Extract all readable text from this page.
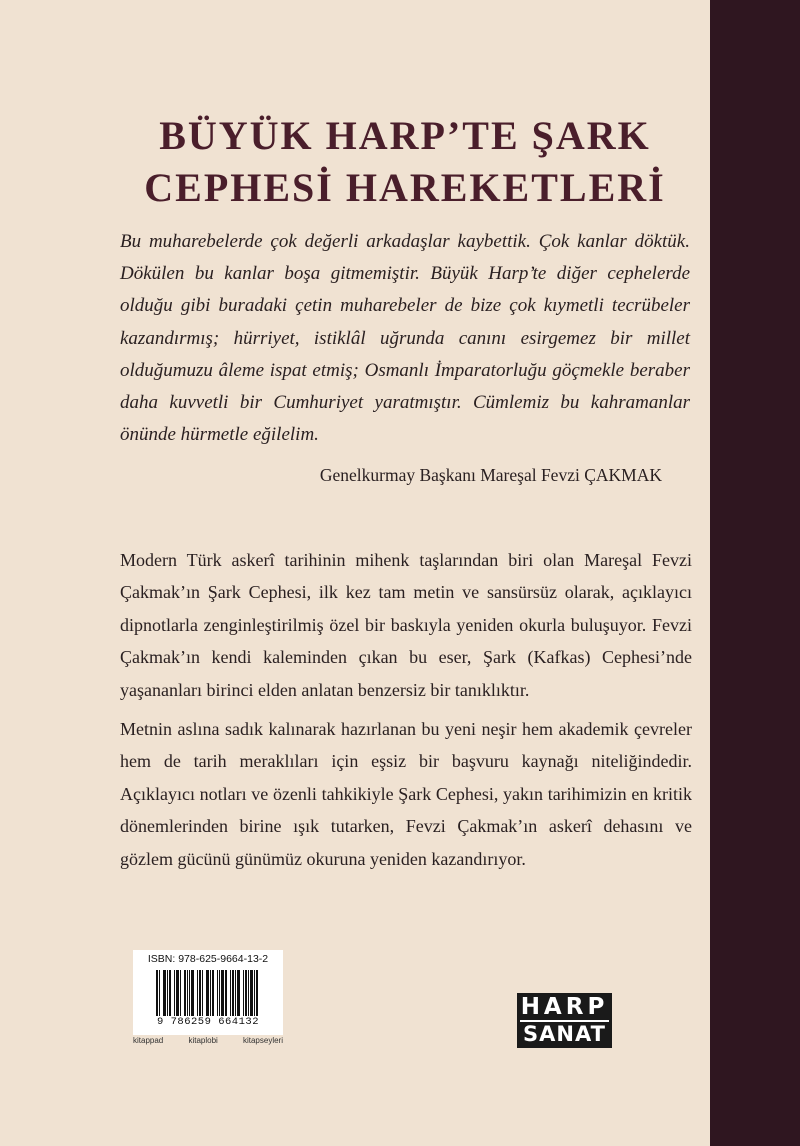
BÜYÜK HARP’TE ŞARK
CEPHESİ HAREKETLERİ

Bu muharebelerde çok değerli arkadaşlar kaybettik. Çok kanlar döktük. Dökülen bu kanlar boşa gitmemiştir. Büyük Harp’te diğer cephelerde olduğu gibi buradaki çetin muharebeler de bize çok kıymetli tecrübeler kazandırmış; hürriyet, istiklâl uğrunda canını esirgemez bir millet olduğumuzu âleme ispat etmiş; Osmanlı İmparatorluğu göçmekle beraber daha kuvvetli bir Cumhuriyet yaratmıştır. Cümlemiz bu kahramanlar önünde hürmetle eğilelim.

Genelkurmay Başkanı Mareşal Fevzi ÇAKMAK

Modern Türk askerî tarihinin mihenk taşlarından biri olan Mareşal Fevzi Çakmak’ın Şark Cephesi, ilk kez tam metin ve sansürsüz olarak, açıklayıcı dipnotlarla zenginleştirilmiş özel bir baskıyla yeniden okurla buluşuyor. Fevzi Çakmak’ın kendi kaleminden çıkan bu eser, Şark (Kafkas) Cephesi’nde yaşananları birinci elden anlatan benzersiz bir tanıklıktır.

Metnin aslına sadık kalınarak hazırlanan bu yeni neşir hem akademik çevreler hem de tarih meraklıları için eşsiz bir başvuru kaynağı niteliğindedir. Açıklayıcı notları ve özenli tahkikiyle Şark Cephesi, yakın tarihimizin en kritik dönemlerinden birine ışık tutarken, Fevzi Çakmak’ın askerî dehasını ve gözlem gücünü günümüz okuruna yeniden kazandırıyor.

ISBN: 978-625-9664-13-2
9 786259 664132
kitappad	kitaplobi	kitapseyleri
HARP
SANAT
